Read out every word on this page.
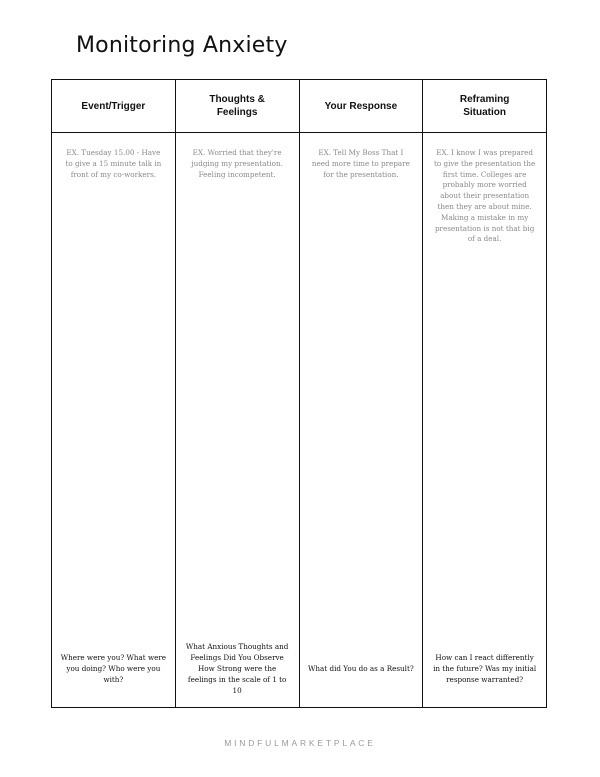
Monitoring Anxiety
Event/Trigger
EX. Tuesday 15.00 - Have to give a 15 minute talk in front of my co-workers.
Where were you? What were you doing? Who were you with?
Thoughts &
Feelings
EX. Worried that they're judging my presentation. Feeling incompetent.
What Anxious Thoughts and Feelings Did You Observe How Strong were the feelings in the scale of 1 to 10
Your Response
EX. Tell My Boss That I need more time to prepare for the presentation.
What did You do as a Result?
Reframing
Situation
EX. I know I was prepared to give the presentation the first time. Colleges are probably more worried about their presentation then they are about mine. Making a mistake in my presentation is not that big of a deal.
How can I react differently in the future? Was my initial response warranted?
MINDFULMARKETPLACE
